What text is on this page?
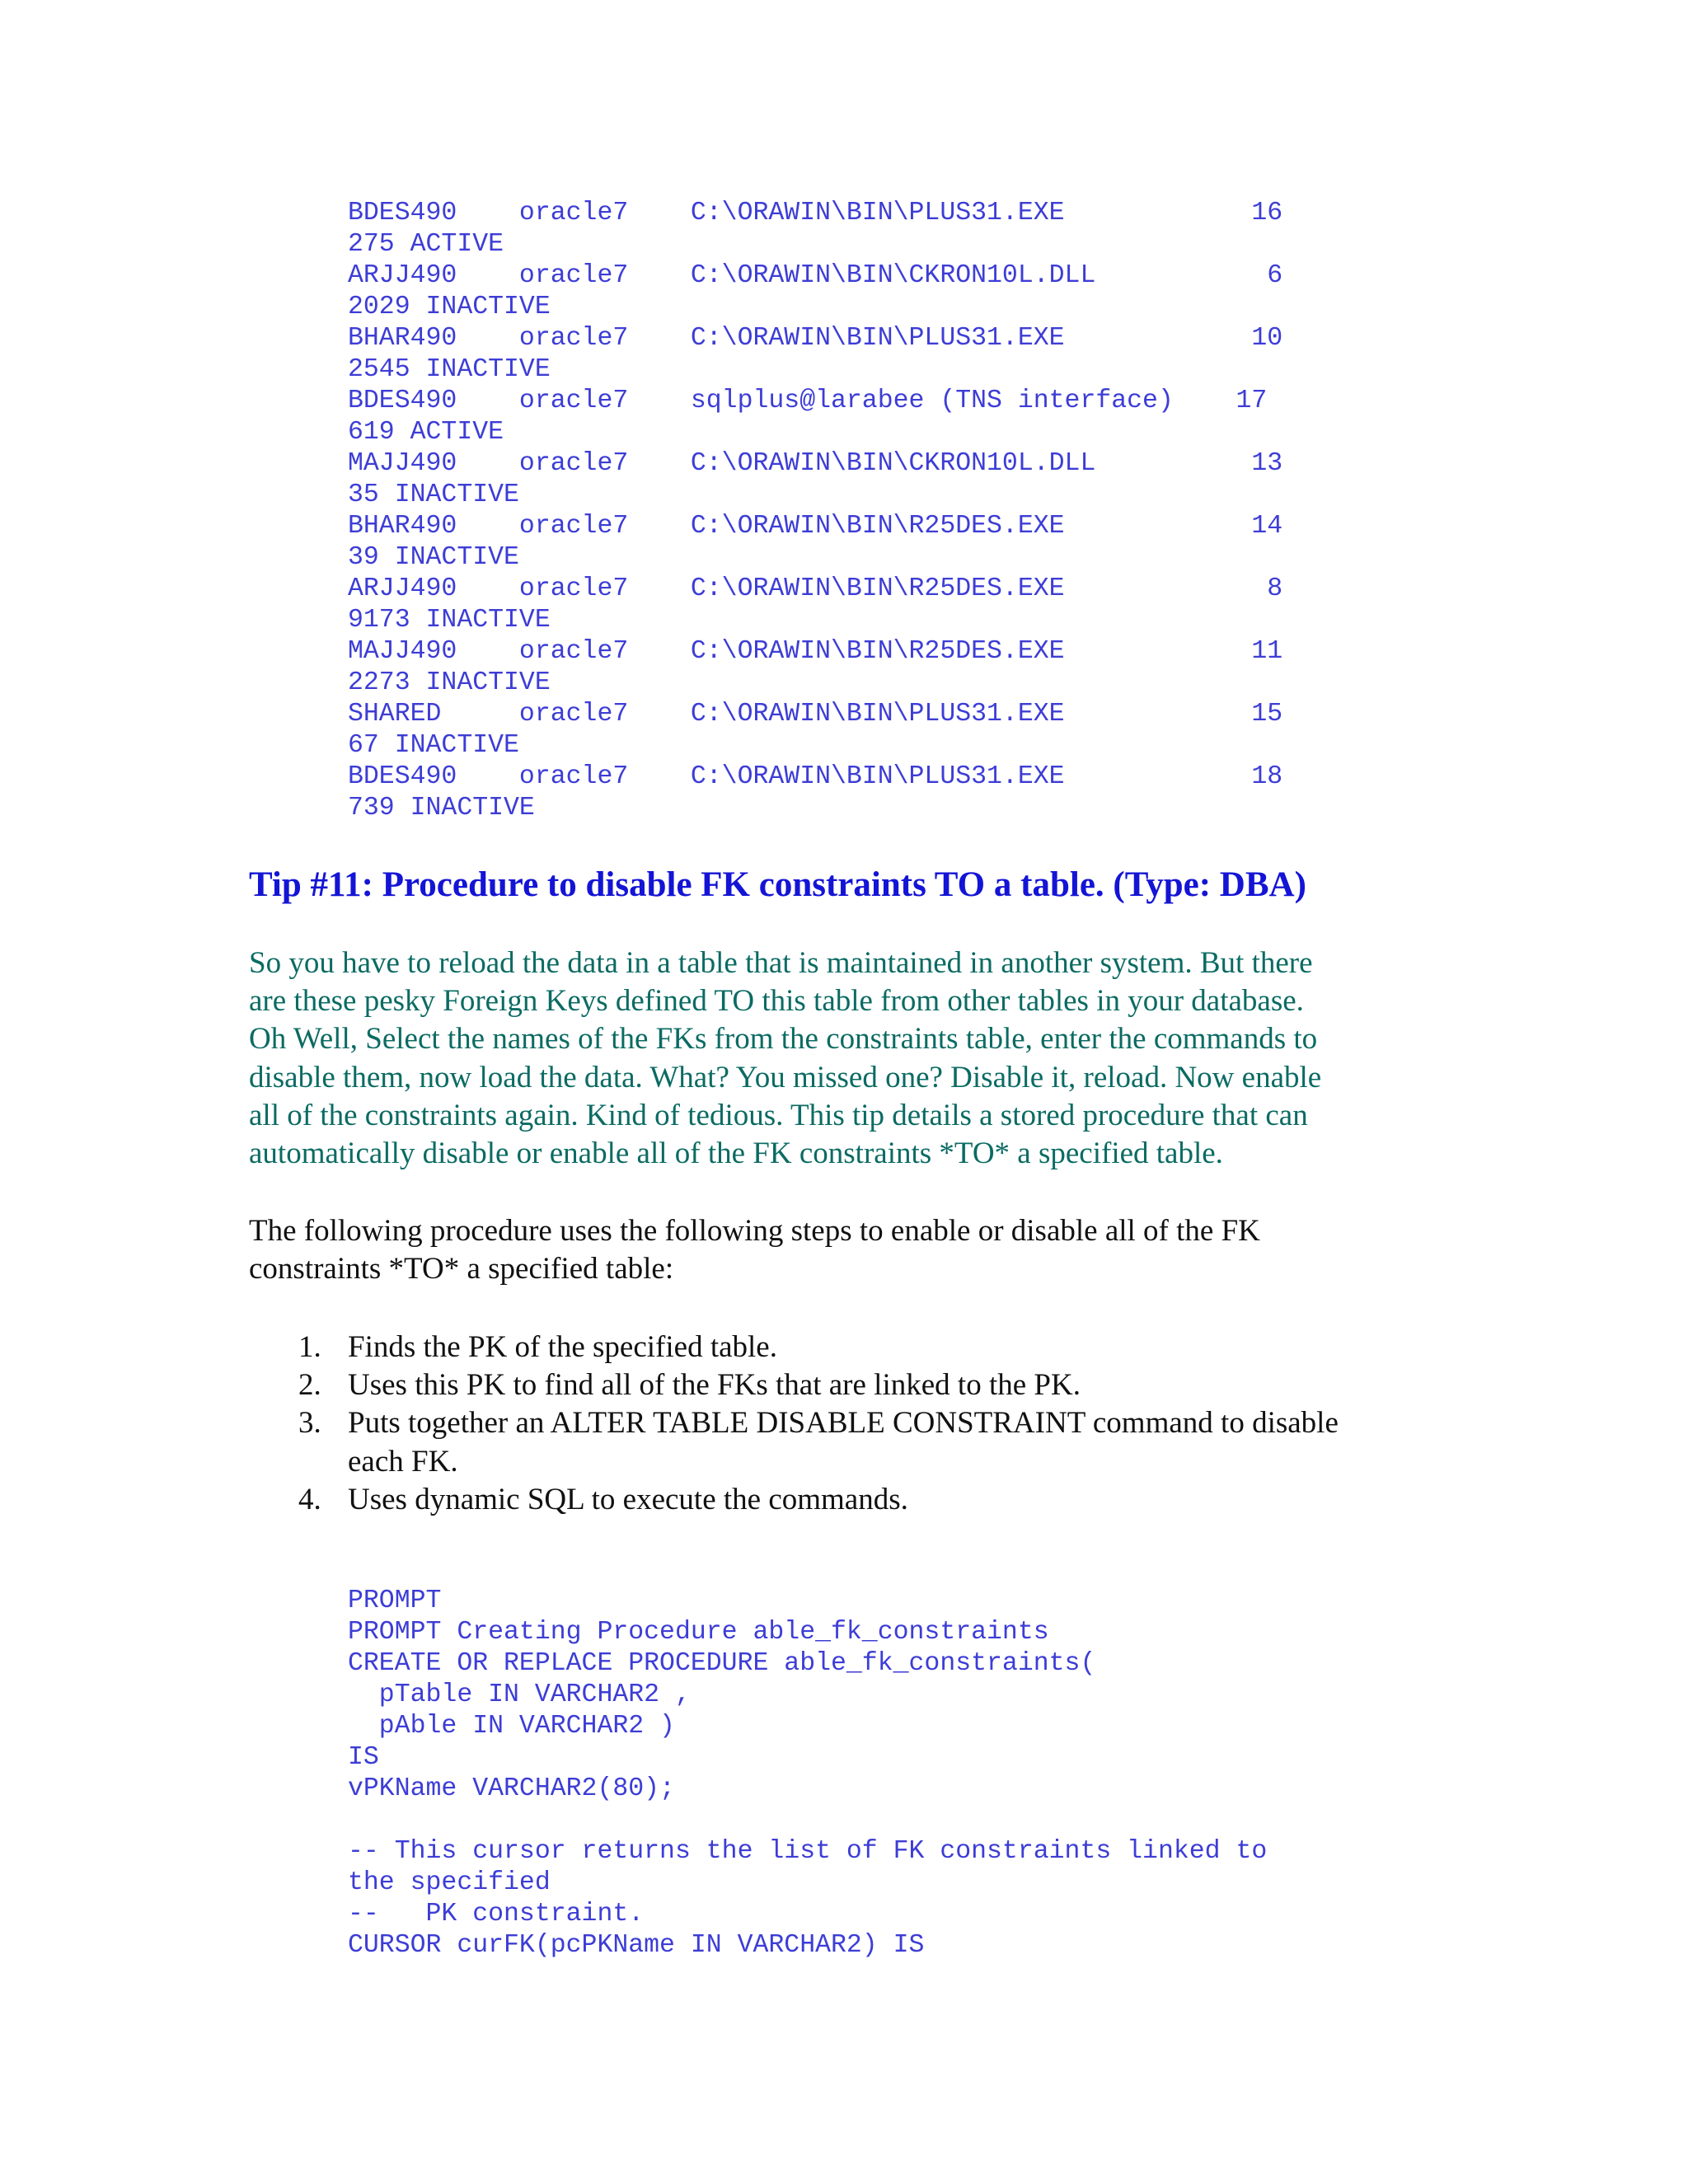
BDES490    oracle7    C:\ORAWIN\BIN\PLUS31.EXE            16
275 ACTIVE
ARJJ490    oracle7    C:\ORAWIN\BIN\CKRON10L.DLL           6
2029 INACTIVE
BHAR490    oracle7    C:\ORAWIN\BIN\PLUS31.EXE            10
2545 INACTIVE
BDES490    oracle7    sqlplus@larabee (TNS interface)    17
619 ACTIVE
MAJJ490    oracle7    C:\ORAWIN\BIN\CKRON10L.DLL          13
35 INACTIVE
BHAR490    oracle7    C:\ORAWIN\BIN\R25DES.EXE            14
39 INACTIVE
ARJJ490    oracle7    C:\ORAWIN\BIN\R25DES.EXE             8
9173 INACTIVE
MAJJ490    oracle7    C:\ORAWIN\BIN\R25DES.EXE            11
2273 INACTIVE
SHARED     oracle7    C:\ORAWIN\BIN\PLUS31.EXE            15
67 INACTIVE
BDES490    oracle7    C:\ORAWIN\BIN\PLUS31.EXE            18
739 INACTIVE
Tip #11: Procedure to disable FK constraints TO a table. (Type: DBA)

So you have to reload the data in a table that is maintained in another system. But there
are these pesky Foreign Keys defined TO this table from other tables in your database.
Oh Well, Select the names of the FKs from the constraints table, enter the commands to
disable them, now load the data. What? You missed one? Disable it, reload. Now enable
all of the constraints again. Kind of tedious. This tip details a stored procedure that can
automatically disable or enable all of the FK constraints *TO* a specified table.

The following procedure uses the following steps to enable or disable all of the FK
constraints *TO* a specified table:

1. Finds the PK of the specified table.
2. Uses this PK to find all of the FKs that are linked to the PK.
3. Puts together an ALTER TABLE DISABLE CONSTRAINT command to disable
each FK.
4. Uses dynamic SQL to execute the commands.
PROMPT
PROMPT Creating Procedure able_fk_constraints
CREATE OR REPLACE PROCEDURE able_fk_constraints(
pTable IN VARCHAR2 ,
pAble IN VARCHAR2 )
IS
vPKName VARCHAR2(80);
-- This cursor returns the list of FK constraints linked to
the specified
--   PK constraint.
CURSOR curFK(pcPKName IN VARCHAR2) IS
